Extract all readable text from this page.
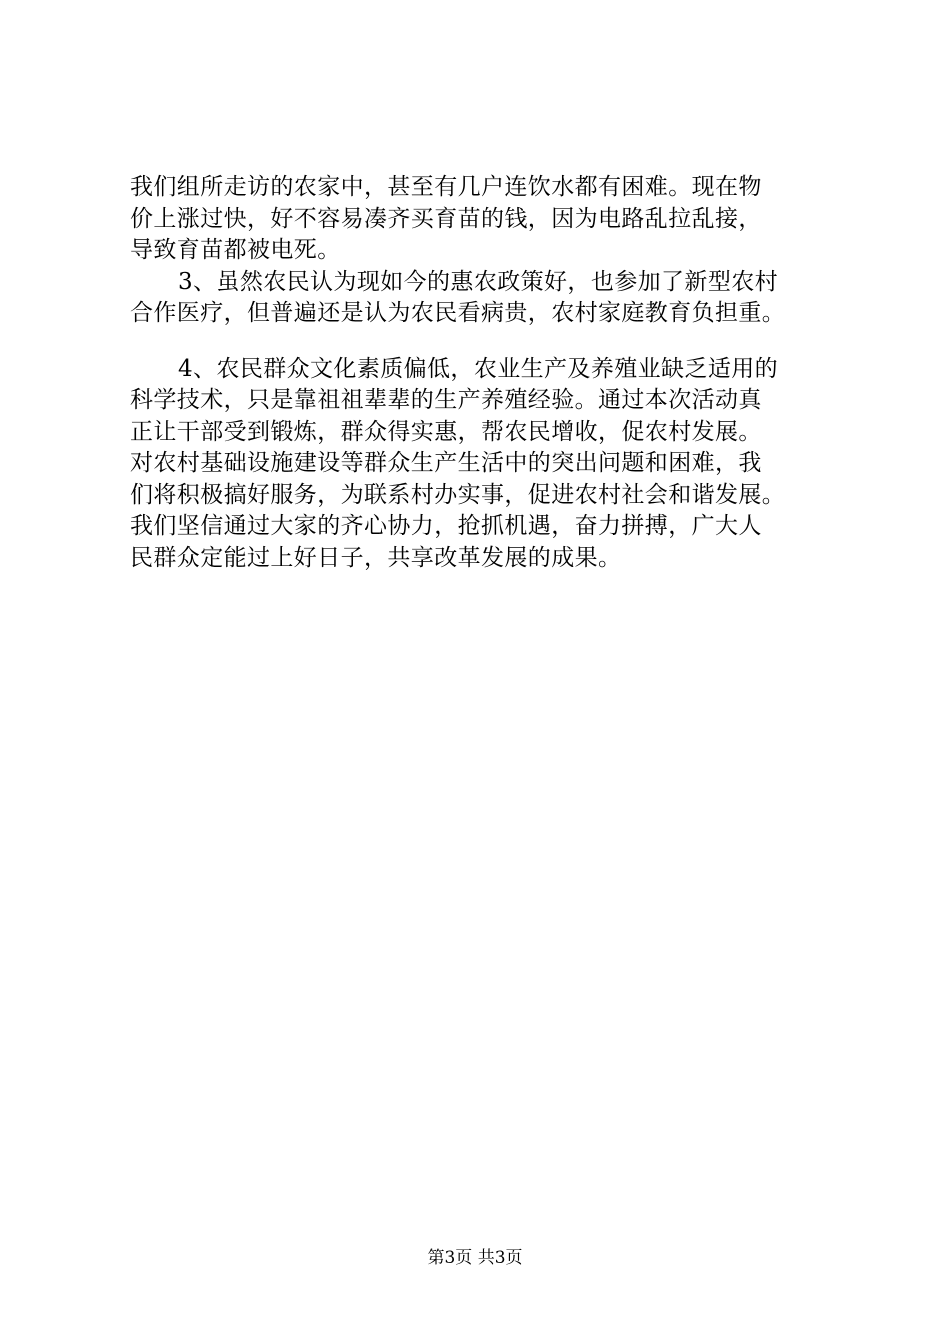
我们组所走访的农家中，甚至有几户连饮水都有困难。现在物
价上涨过快，好不容易凑齐买育苗的钱，因为电路乱拉乱接，
导致育苗都被电死。
3、虽然农民认为现如今的惠农政策好，也参加了新型农村
合作医疗，但普遍还是认为农民看病贵，农村家庭教育负担重。
4、农民群众文化素质偏低，农业生产及养殖业缺乏适用的
科学技术，只是靠祖祖辈辈的生产养殖经验。通过本次活动真
正让干部受到锻炼，群众得实惠，帮农民增收，促农村发展。
对农村基础设施建设等群众生产生活中的突出问题和困难，我
们将积极搞好服务，为联系村办实事，促进农村社会和谐发展。
我们坚信通过大家的齐心协力，抢抓机遇，奋力拼搏，广大人
民群众定能过上好日子，共享改革发展的成果。
第3页 共3页
